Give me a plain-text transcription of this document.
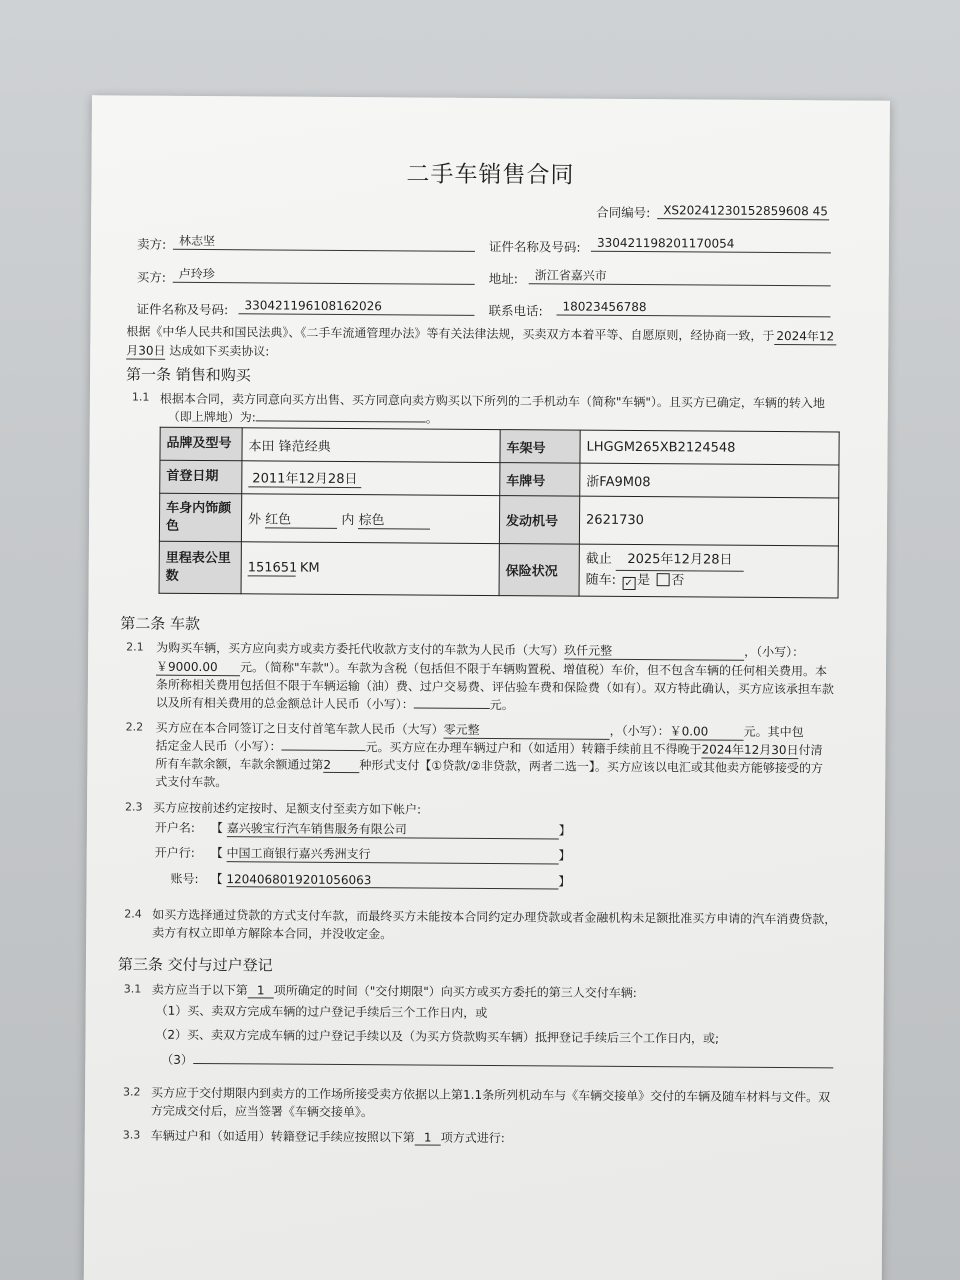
二手车销售合同
合同编号:	XS20241230152859608 45
卖方:	林志坚	证件名称及号码:	330421198201170054
买方:	卢玲珍	地址:	浙江省嘉兴市
证件名称及号码:	330421196108162026	联系电话:	18023456788
根据《中华人民共和国民法典》、《二手车流通管理办法》等有关法律法规，买卖双方本着平等、自愿原则，经协商一致，于 2024年12
月30日 达成如下买卖协议:
第一条 销售和购买
1.1 根据本合同，卖方同意向买方出售、买方同意向卖方购买以下所列的二手机动车（简称"车辆"）。且买方已确定，车辆的转入地
（即上牌地）为:	。
品牌及型号	本田 锋范经典	车架号	LHGGM265XB2124548
首登日期	2011年12月28日	车牌号	浙FA9M08
车身内饰颜色	外 红色 内 棕色	发动机号	2621730
里程表公里数	151651 KM	保险状况	截止 2025年12月28日
随车: ✓ 是 否
第二条 车款
2.1 为购买车辆，买方应向卖方或卖方委托代收款方支付的车款为人民币（大写）玖仟元整	，（小写）：
￥9000.00 元。（简称"车款"）。车款为含税（包括但不限于车辆购置税、增值税）车价，但不包含车辆的任何相关费用。本
条所称相关费用包括但不限于车辆运输（油）费、过户交易费、评估验车费和保险费（如有）。双方特此确认，买方应该承担车款
以及所有相关费用的总金额总计人民币（小写）：	元。
2.2 买方应在本合同签订之日支付首笔车款人民币（大写）零元整	，（小写）：￥0.00	元。其中包
括定金人民币（小写）：	元。买方应在办理车辆过户和（如适用）转籍手续前且不得晚于2024年12月30日付清
所有车款余额，车款余额通过第2 种形式支付【①贷款/②非贷款，两者二选一】。买方应该以电汇或其他卖方能够接受的方
式支付车款。
2.3 买方应按前述约定按时、足额支付至卖方如下帐户:
开户名: 【 嘉兴骏宝行汽车销售服务有限公司	】
开户行: 【 中国工商银行嘉兴秀洲支行	】
账号: 【 1204068019201056063	】
2.4 如买方选择通过贷款的方式支付车款，而最终买方未能按本合同约定办理贷款或者金融机构未足额批准买方申请的汽车消费贷款，
卖方有权立即单方解除本合同，并没收定金。
第三条 交付与过户登记
3.1 卖方应当于以下第 1 项所确定的时间（"交付期限"）向买方或买方委托的第三人交付车辆:
（1）买、卖双方完成车辆的过户登记手续后三个工作日内，或
（2）买、卖双方完成车辆的过户登记手续以及（为买方贷款购买车辆）抵押登记手续后三个工作日内，或;
（3）
3.2 买方应于交付期限内到卖方的工作场所接受卖方依据以上第1.1条所列机动车与《车辆交接单》交付的车辆及随车材料与文件。双
方完成交付后，应当签署《车辆交接单》。
3.3 车辆过户和（如适用）转籍登记手续应按照以下第 1 项方式进行:
